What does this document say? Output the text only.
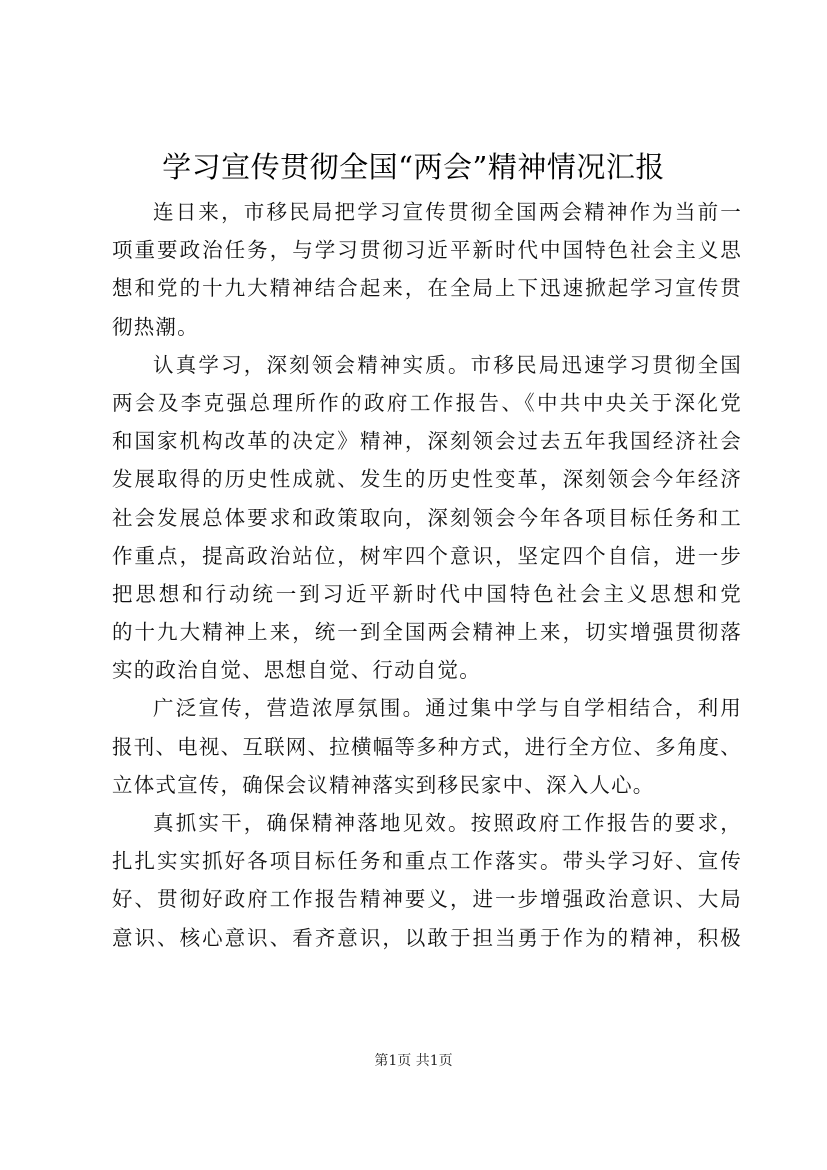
学习宣传贯彻全国“两会”精神情况汇报
连日来，市移民局把学习宣传贯彻全国两会精神作为当前一
项重要政治任务，与学习贯彻习近平新时代中国特色社会主义思
想和党的十九大精神结合起来，在全局上下迅速掀起学习宣传贯
彻热潮。
认真学习，深刻领会精神实质。市移民局迅速学习贯彻全国
两会及李克强总理所作的政府工作报告、《中共中央关于深化党
和国家机构改革的决定》精神，深刻领会过去五年我国经济社会
发展取得的历史性成就、发生的历史性变革，深刻领会今年经济
社会发展总体要求和政策取向，深刻领会今年各项目标任务和工
作重点，提高政治站位，树牢四个意识，坚定四个自信，进一步
把思想和行动统一到习近平新时代中国特色社会主义思想和党
的十九大精神上来，统一到全国两会精神上来，切实增强贯彻落
实的政治自觉、思想自觉、行动自觉。
广泛宣传，营造浓厚氛围。通过集中学与自学相结合，利用
报刊、电视、互联网、拉横幅等多种方式，进行全方位、多角度、
立体式宣传，确保会议精神落实到移民家中、深入人心。
真抓实干，确保精神落地见效。按照政府工作报告的要求，
扎扎实实抓好各项目标任务和重点工作落实。带头学习好、宣传
好、贯彻好政府工作报告精神要义，进一步增强政治意识、大局
意识、核心意识、看齐意识，以敢于担当勇于作为的精神，积极
第1页 共1页
